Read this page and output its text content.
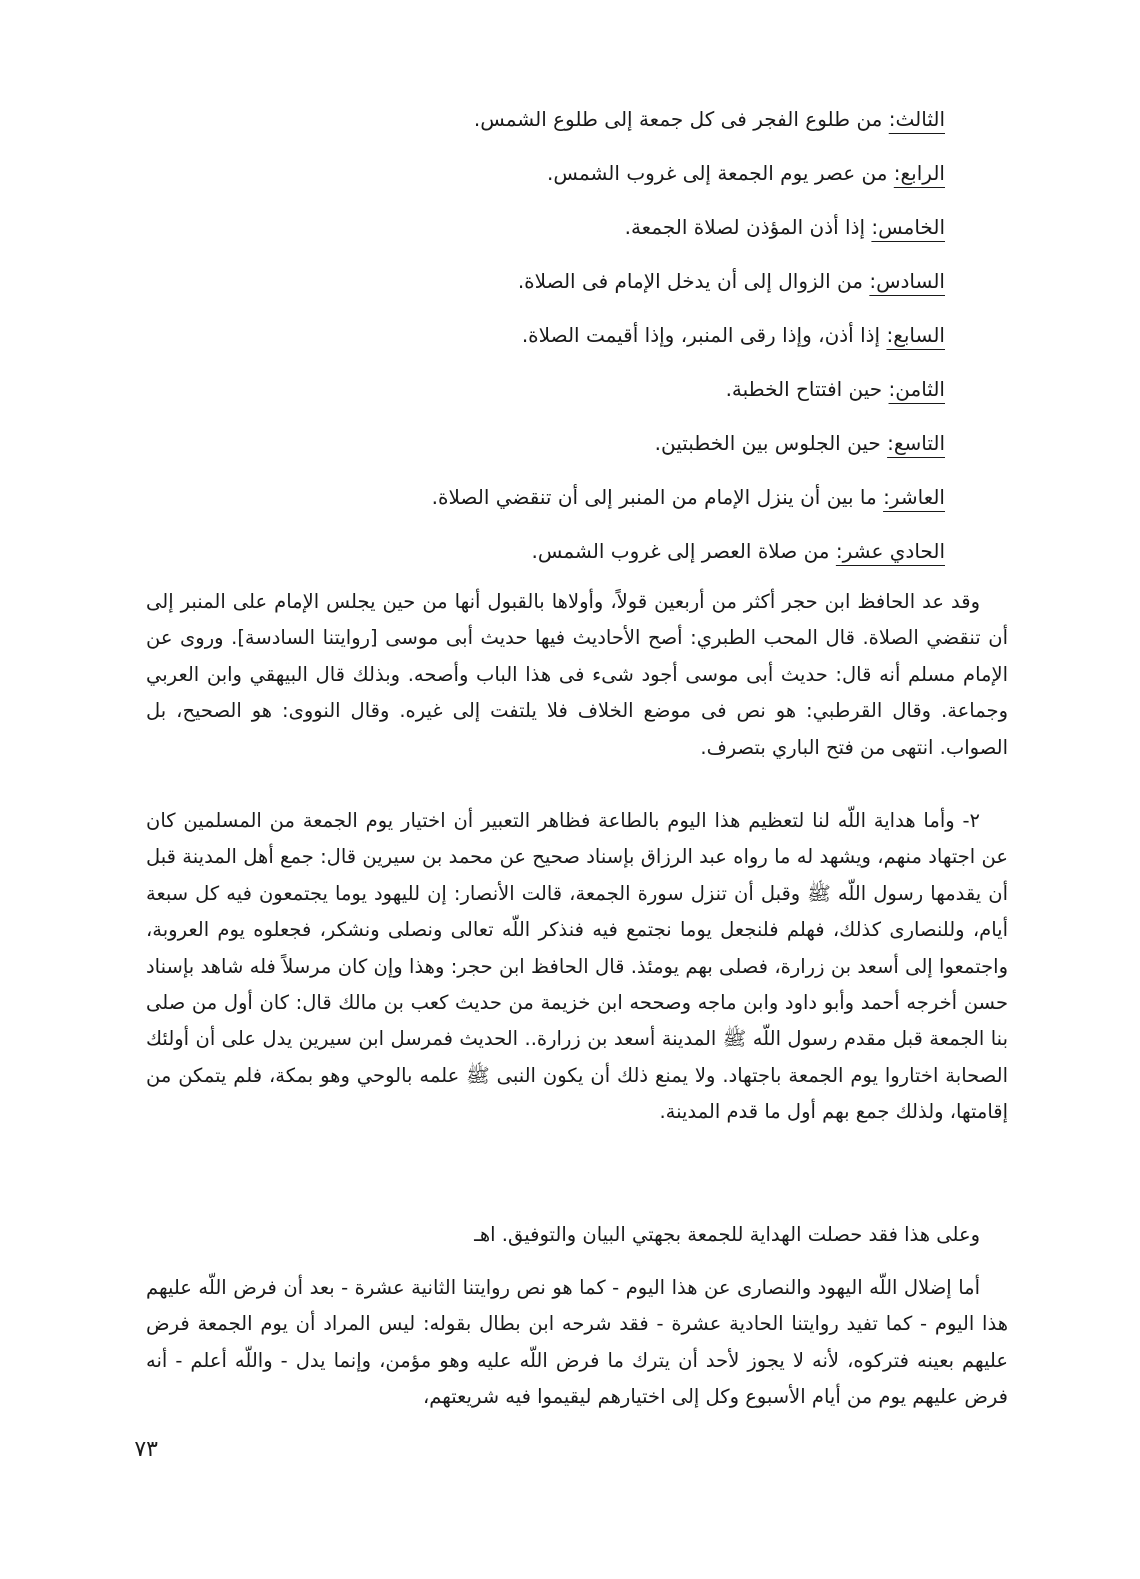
الثالث: من طلوع الفجر فى كل جمعة إلى طلوع الشمس.
الرابع: من عصر يوم الجمعة إلى غروب الشمس.
الخامس: إذا أذن المؤذن لصلاة الجمعة.
السادس: من الزوال إلى أن يدخل الإمام فى الصلاة.
السابع: إذا أذن، وإذا رقى المنبر، وإذا أقيمت الصلاة.
الثامن: حين افتتاح الخطبة.
التاسع: حين الجلوس بين الخطبتين.
العاشر: ما بين أن ينزل الإمام من المنبر إلى أن تنقضي الصلاة.
الحادي عشر: من صلاة العصر إلى غروب الشمس.

وقد عد الحافظ ابن حجر أكثر من أربعين قولاً، وأولاها بالقبول أنها من حين يجلس الإمام على المنبر إلى أن تنقضي الصلاة. قال المحب الطبري: أصح الأحاديث فيها حديث أبى موسى [روايتنا السادسة]. وروى عن الإمام مسلم أنه قال: حديث أبى موسى أجود شىء فى هذا الباب وأصحه. وبذلك قال البيهقي وابن العربي وجماعة. وقال القرطبي: هو نص فى موضع الخلاف فلا يلتفت إلى غيره. وقال النووى: هو الصحيح، بل الصواب. انتهى من فتح الباري بتصرف.

٢- وأما هداية اللّه لنا لتعظيم هذا اليوم بالطاعة فظاهر التعبير أن اختيار يوم الجمعة من المسلمين كان عن اجتهاد منهم، ويشهد له ما رواه عبد الرزاق بإسناد صحيح عن محمد بن سيرين قال: جمع أهل المدينة قبل أن يقدمها رسول اللّه ﷺ وقبل أن تنزل سورة الجمعة، قالت الأنصار: إن لليهود يوما يجتمعون فيه كل سبعة أيام، وللنصارى كذلك، فهلم فلنجعل يوما نجتمع فيه فنذكر اللّه تعالى ونصلى ونشكر، فجعلوه يوم العروبة، واجتمعوا إلى أسعد بن زرارة، فصلى بهم يومئذ. قال الحافظ ابن حجر: وهذا وإن كان مرسلاً فله شاهد بإسناد حسن أخرجه أحمد وأبو داود وابن ماجه وصححه ابن خزيمة من حديث كعب بن مالك قال: كان أول من صلى بنا الجمعة قبل مقدم رسول اللّه ﷺ المدينة أسعد بن زرارة.. الحديث فمرسل ابن سيرين يدل على أن أولئك الصحابة اختاروا يوم الجمعة باجتهاد. ولا يمنع ذلك أن يكون النبى ﷺ علمه بالوحي وهو بمكة، فلم يتمكن من إقامتها، ولذلك جمع بهم أول ما قدم المدينة.

وعلى هذا فقد حصلت الهداية للجمعة بجهتي البيان والتوفيق. اهـ

أما إضلال اللّه اليهود والنصارى عن هذا اليوم - كما هو نص روايتنا الثانية عشرة - بعد أن فرض اللّه عليهم هذا اليوم - كما تفيد روايتنا الحادية عشرة - فقد شرحه ابن بطال بقوله: ليس المراد أن يوم الجمعة فرض عليهم بعينه فتركوه، لأنه لا يجوز لأحد أن يترك ما فرض اللّه عليه وهو مؤمن، وإنما يدل - واللّه أعلم - أنه فرض عليهم يوم من أيام الأسبوع وكل إلى اختيارهم ليقيموا فيه شريعتهم،

٧٣
